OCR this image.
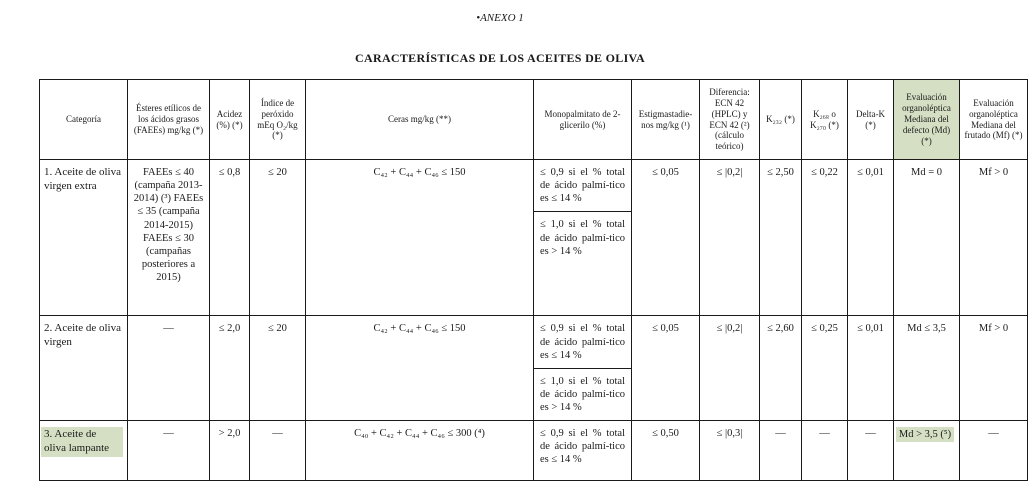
•ANEXO 1
CARACTERÍSTICAS DE LOS ACEITES DE OLIVA
Categoría	Ésteres etílicos de los ácidos grasos (FAEEs) mg/kg (*)	Acidez (%) (*)	Índice de peróxido mEq O₂/kg (*)	Ceras mg/kg (**)	Monopalmitato de 2-glicerilo (%)	Estigmastadie-nos mg/kg (¹)	Diferencia: ECN 42 (HPLC) y ECN 42 (²) (cálculo teórico)	K₂₃₂ (*)	K₂₆₈ o K₂₇₀ (*)	Delta-K (*)	Evaluación organoléptica Mediana del defecto (Md) (*)	Evaluación organoléptica Mediana del frutado (Mf) (*)
1. Aceite de oliva virgen extra	FAEEs ≤ 40 (campaña 2013-2014) (³) FAEEs ≤ 35 (campaña 2014-2015) FAEEs ≤ 30 (campañas posteriores a 2015)	≤ 0,8	≤ 20	C₄₂ + C₄₄ + C₄₆ ≤ 150	≤ 0,9 si el % total de ácido palmí-tico es ≤ 14 %	≤ 0,05	≤ |0,2|	≤ 2,50	≤ 0,22	≤ 0,01	Md = 0	Mf > 0
					≤ 1,0 si el % total de ácido palmí-tico es > 14 %							
2. Aceite de oliva virgen	—	≤ 2,0	≤ 20	C₄₂ + C₄₄ + C₄₆ ≤ 150	≤ 0,9 si el % total de ácido palmí-tico es ≤ 14 %	≤ 0,05	≤ |0,2|	≤ 2,60	≤ 0,25	≤ 0,01	Md ≤ 3,5	Mf > 0
					≤ 1,0 si el % total de ácido palmí-tico es > 14 %							
3. Aceite de oliva lampante	—	> 2,0	—	C₄₀ + C₄₂ + C₄₄ + C₄₆ ≤ 300 (⁴)	≤ 0,9 si el % total de ácido palmí-tico es ≤ 14 %	≤ 0,50	≤ |0,3|	—	—	—	Md > 3,5 (⁵)	—
